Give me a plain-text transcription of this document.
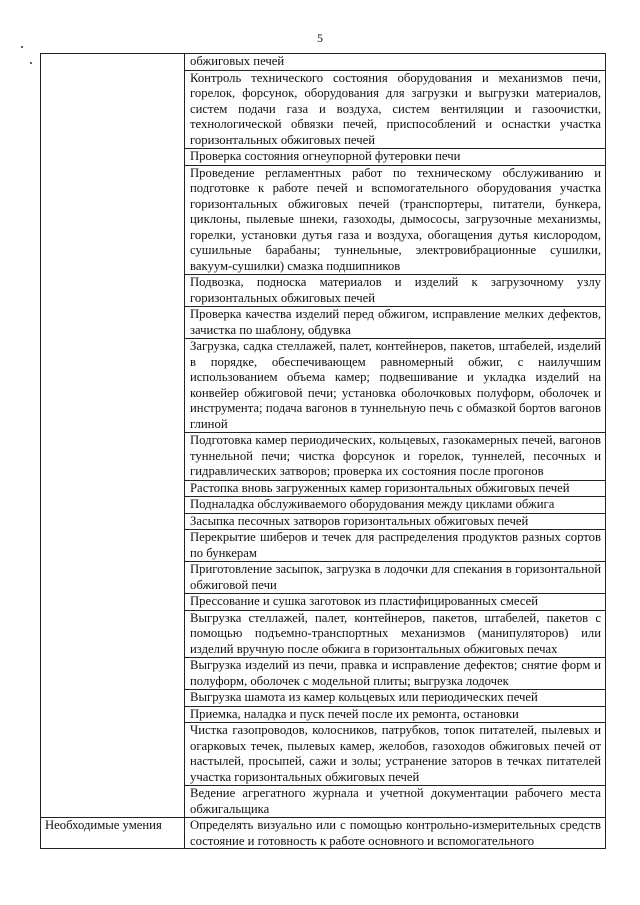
5
	обжиговых печей
	Контроль технического состояния оборудования и механизмов печи, горелок, форсунок, оборудования для загрузки и выгрузки материалов, систем подачи газа и воздуха, систем вентиляции и газоочистки, технологической обвязки печей, приспособлений и оснастки участка горизонтальных обжиговых печей
	Проверка состояния огнеупорной футеровки печи
	Проведение регламентных работ по техническому обслуживанию и подготовке к работе печей и вспомогательного оборудования участка горизонтальных обжиговых печей (транспортеры, питатели, бункера, циклоны, пылевые шнеки, газоходы, дымососы, загрузочные механизмы, горелки, установки дутья газа и воздуха, обогащения дутья кислородом, сушильные барабаны; туннельные, электровибрационные сушилки, вакуум-сушилки) смазка подшипников
	Подвозка, поднoска материалов и изделий к загрузочному узлу горизонтальных обжиговых печей
	Проверка качества изделий перед обжигом, исправление мелких дефектов, зачистка по шаблону, обдувка
	Загрузка, садка стеллажей, палет, контейнеров, пакетов, штабелей, изделий в порядке, обеспечивающем равномерный обжиг, с наилучшим использованием объема камер; подвешивание и укладка изделий на конвейер обжиговой печи; установка оболочковых полуформ, оболочек и инструмента; подача вагонов в туннельную печь с обмазкой бортов вагонов глиной
	Подготовка камер периодических, кольцевых, газокамерных печей, вагонов туннельной печи; чистка форсунок и горелок, туннелей, песочных и гидравлических затворов; проверка их состояния после прогонов
	Растопка вновь загруженных камер горизонтальных обжиговых печей
	Подналадка обслуживаемого оборудования между циклами обжига
	Засыпка песочных затворов горизонтальных обжиговых печей
	Перекрытие шиберов и течек для распределения продуктов разных сортов по бункерам
	Приготовление засыпок, загрузка в лодочки для спекания в горизонтальной обжиговой печи
	Прессование и сушка заготовок из пластифицированных смесей
	Выгрузка стеллажей, палет, контейнеров, пакетов, штабелей, пакетов с помощью подъемно-транспортных механизмов (манипуляторов) или изделий вручную после обжига в горизонтальных обжиговых печах
	Выгрузка изделий из печи, правка и исправление дефектов; снятие форм и полуформ, оболочек с модельной плиты; выгрузка лодочек
	Выгрузка шамота из камер кольцевых или периодических печей
	Приемка, наладка и пуск печей после их ремонта, остановки
	Чистка газопроводов, колосников, патрубков, топок питателей, пылевых и огарковых течек, пылевых камер, желобов, газоходов обжиговых печей от настылей, просыпей, сажи и золы; устранение заторов в течках питателей участка горизонтальных обжиговых печей
	Ведение агрегатного журнала и учетной документации рабочего места обжигальщика
Необходимые умения	Определять визуально или с помощью контрольно-измерительных средств состояние и готовность к работе основного и вспомогательного
